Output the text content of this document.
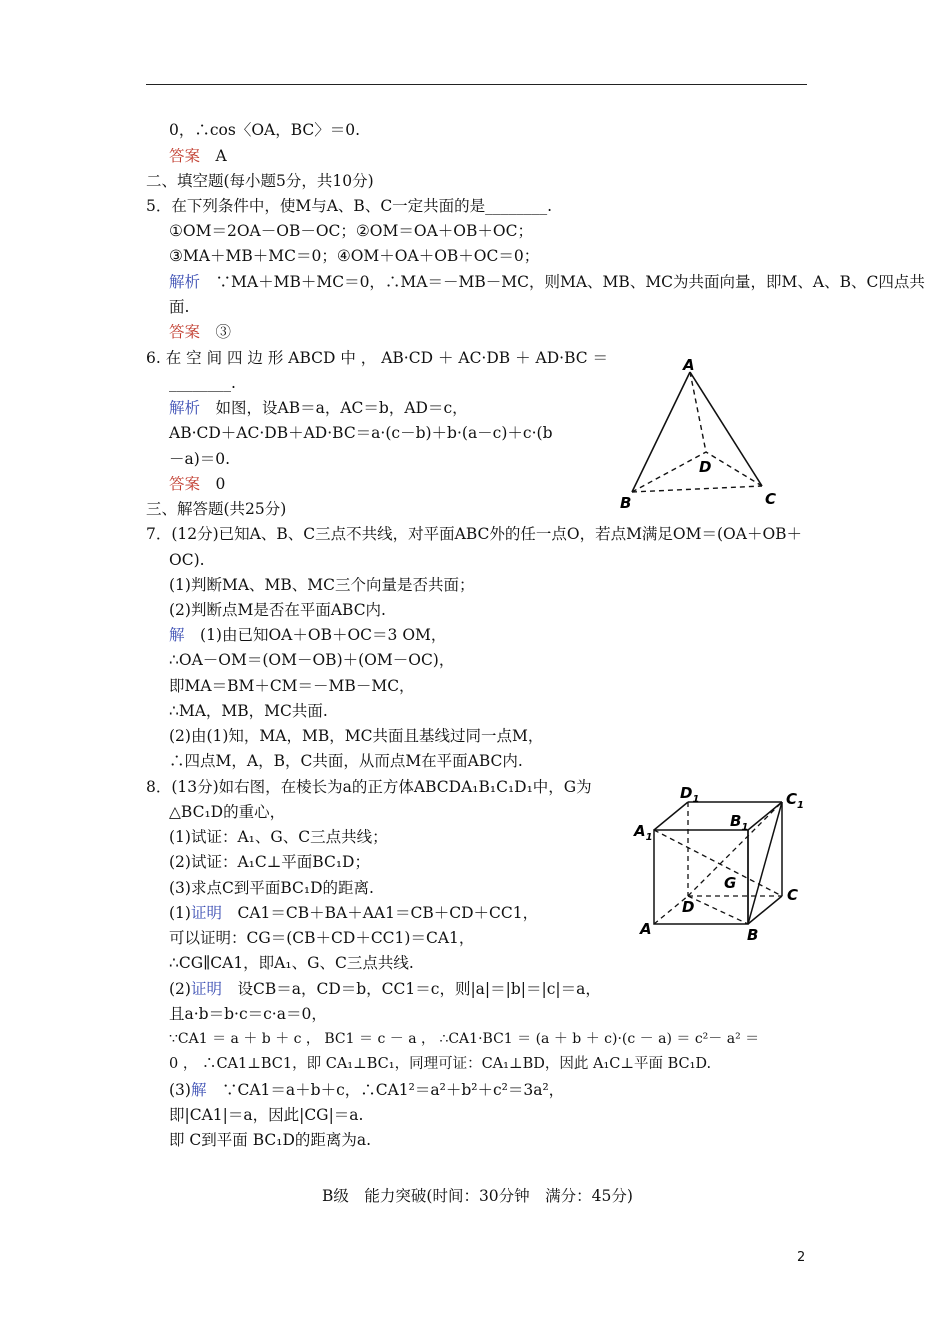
0，∴cos〈OA，BC〉＝0.
答案　A
二、填空题(每小题5分，共10分)
5．在下列条件中，使M与A、B、C一定共面的是________.
①OM＝2OA－OB－OC；②OM＝OA＋OB＋OC；
③MA＋MB＋MC＝0；④OM＋OA＋OB＋OC＝0；
解析　∵MA＋MB＋MC＝0，∴MA＝－MB－MC，则MA、MB、MC为共面向量，即M、A、B、C四点共
面.
答案　③
6. 在 空 间 四 边 形 ABCD 中 ， AB·CD ＋ AC·DB ＋ AD·BC ＝
________.
解析　如图，设AB＝a，AC＝b，AD＝c，
AB·CD＋AC·DB＋AD·BC＝a·(c－b)＋b·(a－c)＋c·(b
－a)＝0.
答案　0
三、解答题(共25分)
7．(12分)已知A、B、C三点不共线，对平面ABC外的任一点O，若点M满足OM＝(OA＋OB＋
OC).
(1)判断MA、MB、MC三个向量是否共面；
(2)判断点M是否在平面ABC内.
解　(1)由已知OA＋OB＋OC＝3 OM，
∴OA－OM＝(OM－OB)＋(OM－OC)，
即MA＝BM＋CM＝－MB－MC，
∴MA，MB，MC共面.
(2)由(1)知，MA，MB，MC共面且基线过同一点M，
∴四点M，A，B，C共面，从而点M在平面ABC内.
8．(13分)如右图，在棱长为a的正方体ABCDA₁B₁C₁D₁中，G为
△BC₁D的重心，
(1)试证：A₁、G、C三点共线；
(2)试证：A₁C⊥平面BC₁D；
(3)求点C到平面BC₁D的距离.
(1)证明　CA1＝CB＋BA＋AA1＝CB＋CD＋CC1，
可以证明：CG＝(CB＋CD＋CC1)＝CA1，
∴CG∥CA1，即A₁、G、C三点共线.
(2)证明　设CB＝a，CD＝b，CC1＝c，则|a|＝|b|＝|c|＝a，
且a·b＝b·c＝c·a＝0，
∵CA1 ＝ a ＋ b ＋ c ， BC1 ＝ c － a ， ∴CA1·BC1 ＝ (a ＋ b ＋ c)·(c － a) ＝ c²－ a² ＝
0 ， ∴CA1⊥BC1，即 CA₁⊥BC₁，同理可证：CA₁⊥BD，因此 A₁C⊥平面 BC₁D.
(3)解　∵CA1＝a＋b＋c，∴CA1²＝a²＋b²＋c²＝3a²，
即|CA1|＝a，因此|CG|＝a.
即 C到平面 BC₁D的距离为a.
B级　能力突破(时间：30分钟　满分：45分)
2
A
B	C
D
$D_1$
$B_1$
$C_1$
$A_1$
G
D
C
A	B
